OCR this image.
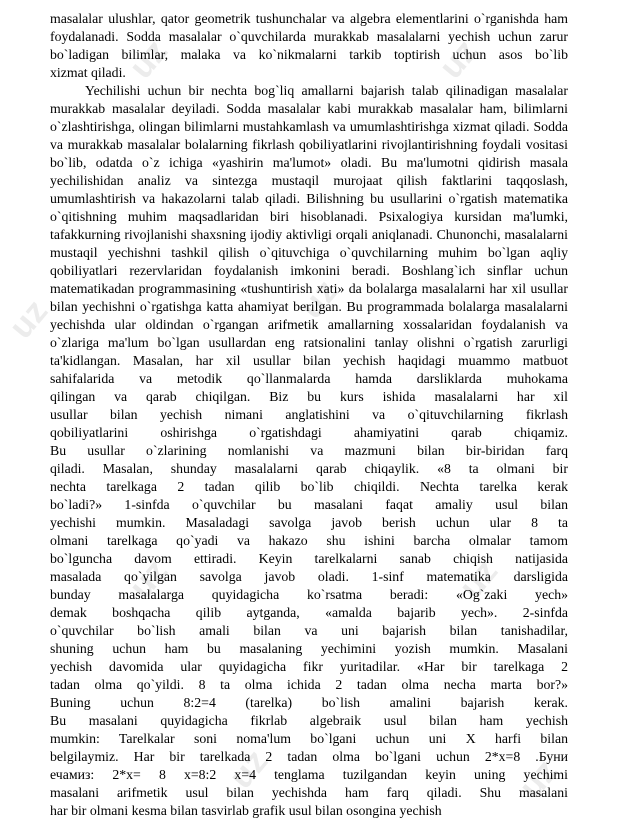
uz	uz
uz	uz
uz	uz
uz	uz
masalalar ulushlar, qator geometrik tushunchalar va algebra elementlarini o`rganishda ham
foydalanadi. Sodda masalalar o`quvchilarda murakkab masalalarni yechish uchun zarur
bo`ladigan bilimlar, malaka va ko`nikmalarni tarkib toptirish uchun asos bo`lib
xizmat qiladi.
Yechilishi uchun bir nechta bog`liq amallarni bajarish talab qilinadigan masalalar
murakkab masalalar deyiladi. Sodda masalalar kabi murakkab masalalar ham, bilimlarni
o`zlashtirishga, olingan bilimlarni mustahkamlash va umumlashtirishga xizmat qiladi. Sodda
va murakkab masalalar bolalarning fikrlash qobiliyatlarini rivojlantirishning foydali vositasi
bo`lib, odatda o`z ichiga «yashirin ma'lumot» oladi. Bu ma'lumotni qidirish masala
yechilishidan analiz va sintezga mustaqil murojaat qilish faktlarini taqqoslash,
umumlashtirish va hakazolarni talab qiladi. Bilishning bu usullarini o`rgatish matematika
o`qitishning muhim maqsadlaridan biri hisoblanadi. Psixalogiya kursidan ma'lumki,
tafakkurning rivojlanishi shaxsning ijodiy aktivligi orqali aniqlanadi. Chunonchi, masalalarni
mustaqil yechishni tashkil qilish o`qituvchiga o`quvchilarning muhim bo`lgan aqliy
qobiliyatlari rezervlaridan foydalanish imkonini beradi. Boshlang`ich sinflar uchun
matematikadan programmasining «tushuntirish xati» da bolalarga masalalarni har xil usullar
bilan yechishni o`rgatishga katta ahamiyat berilgan. Bu programmada bolalarga masalalarni
yechishda ular oldindan o`rgangan arifmetik amallarning xossalaridan foydalanish va
o`zlariga ma'lum bo`lgan usullardan eng ratsionalini tanlay olishni o`rgatish zarurligi
ta'kidlangan. Masalan, har xil usullar bilan yechish haqidagi muammo matbuot
sahifalarida va metodik qo`llanmalarda hamda darsliklarda muhokama
qilingan va qarab chiqilgan. Biz bu kurs ishida masalalarni har xil
usullar bilan yechish nimani anglatishini va o`qituvchilarning fikrlash
qobiliyatlarini oshirishga o`rgatishdagi ahamiyatini qarab chiqamiz.
Bu usullar o`zlarining nomlanishi va mazmuni bilan bir-biridan farq
qiladi. Masalan, shunday masalalarni qarab chiqaylik. «8 ta olmani bir
nechta tarelkaga 2 tadan qilib bo`lib chiqildi. Nechta tarelka kerak
bo`ladi?» 1-sinfda o`quvchilar bu masalani faqat amaliy usul bilan
yechishi mumkin. Masaladagi savolga javob berish uchun ular 8 ta
olmani tarelkaga qo`yadi va hakazo shu ishini barcha olmalar tamom
bo`lguncha davom ettiradi. Keyin tarelkalarni sanab chiqish natijasida
masalada qo`yilgan savolga javob oladi. 1-sinf matematika darsligida
bunday masalalarga quyidagicha ko`rsatma beradi: «Og`zaki yech»
demak boshqacha qilib aytganda, «amalda bajarib yech». 2-sinfda
o`quvchilar bo`lish amali bilan va uni bajarish bilan tanishadilar,
shuning uchun ham bu masalaning yechimini yozish mumkin. Masalani
yechish davomida ular quyidagicha fikr yuritadilar. «Har bir tarelkaga 2
tadan olma qo`yildi. 8 ta olma ichida 2 tadan olma necha marta bor?»
Buning uchun 8:2=4 (tarelka) bo`lish amalini bajarish kerak.
Bu masalani quyidagicha fikrlab algebraik usul bilan ham yechish
mumkin: Tarelkalar soni noma'lum bo`lgani uchun uni X harfi bilan
belgilaymiz. Har bir tarelkada 2 tadan olma bo`lgani uchun 2*x=8 .Буни
ечамиз: 2*x= 8 x=8:2 x=4 tenglama tuzilgandan keyin uning yechimi
masalani arifmetik usul bilan yechishda ham farq qiladi. Shu masalani
har bir olmani kesma bilan tasvirlab grafik usul bilan osongina yechish
